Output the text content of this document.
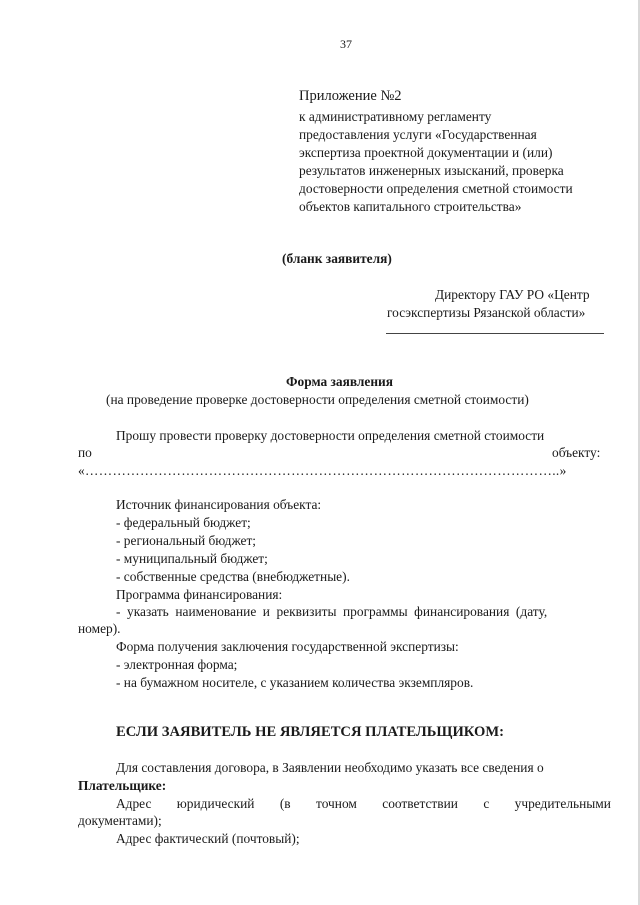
37
Приложение №2
к административному регламенту
предоставления услуги «Государственная
экспертиза проектной документации и (или)
результатов инженерных изысканий, проверка
достоверности определения сметной стоимости
объектов капитального строительства»
(бланк заявителя)
Директору ГАУ РО «Центр
госэкспертизы Рязанской области»
Форма заявления
(на проведение проверке достоверности определения сметной стоимости)
Прошу провести проверку достоверности определения сметной стоимости
по	объекту:
«…………………………………………………………………………………………..»
Источник финансирования объекта:
- федеральный бюджет;
- региональный бюджет;
- муниципальный бюджет;
- собственные средства (внебюджетные).
Программа финансирования:
- указать наименование и реквизиты программы финансирования (дату,
номер).
Форма получения заключения государственной экспертизы:
- электронная форма;
- на бумажном носителе, с указанием количества экземпляров.
ЕСЛИ ЗАЯВИТЕЛЬ НЕ ЯВЛЯЕТСЯ ПЛАТЕЛЬЩИКОМ:
Для составления договора, в Заявлении необходимо указать все сведения о
Плательщике:
Адрес юридический (в точном соответствии с учредительными
документами);
Адрес фактический (почтовый);
